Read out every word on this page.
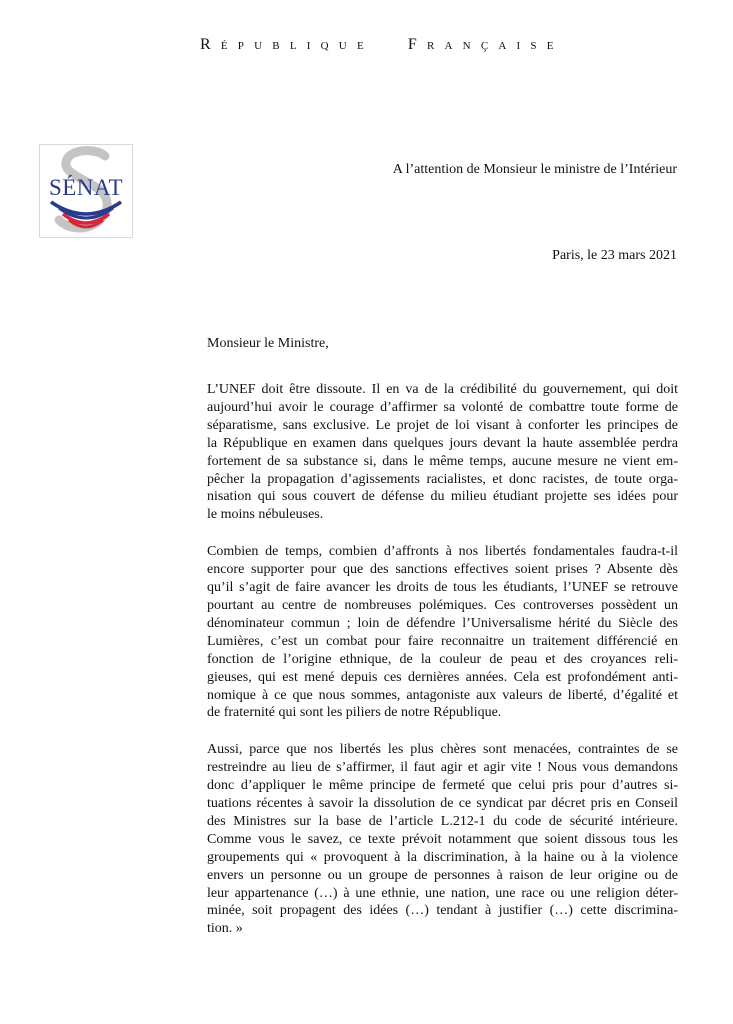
RÉPUBLIQUE FRANÇAISE
SÉNAT
A l’attention de Monsieur le ministre de l’Intérieur
Paris, le 23 mars 2021
Monsieur le Ministre,

L’UNEF doit être dissoute. Il en va de la crédibilité du gouvernement, qui doit
aujourd’hui avoir le courage d’affirmer sa volonté de combattre toute forme de
séparatisme, sans exclusive. Le projet de loi visant à conforter les principes de
la République en examen dans quelques jours devant la haute assemblée perdra
fortement de sa substance si, dans le même temps, aucune mesure ne vient em-
pêcher la propagation d’agissements racialistes, et donc racistes, de toute orga-
nisation qui sous couvert de défense du milieu étudiant projette ses idées pour
le moins nébuleuses.

Combien de temps, combien d’affronts à nos libertés fondamentales faudra-t-il
encore supporter pour que des sanctions effectives soient prises ? Absente dès
qu’il s’agit de faire avancer les droits de tous les étudiants, l’UNEF se retrouve
pourtant au centre de nombreuses polémiques. Ces controverses possèdent un
dénominateur commun ; loin de défendre l’Universalisme hérité du Siècle des
Lumières, c’est un combat pour faire reconnaitre un traitement différencié en
fonction de l’origine ethnique, de la couleur de peau et des croyances reli-
gieuses, qui est mené depuis ces dernières années. Cela est profondément anti-
nomique à ce que nous sommes, antagoniste aux valeurs de liberté, d’égalité et
de fraternité qui sont les piliers de notre République.

Aussi, parce que nos libertés les plus chères sont menacées, contraintes de se
restreindre au lieu de s’affirmer, il faut agir et agir vite ! Nous vous demandons
donc d’appliquer le même principe de fermeté que celui pris pour d’autres si-
tuations récentes à savoir la dissolution de ce syndicat par décret pris en Conseil
des Ministres sur la base de l’article L.212-1 du code de sécurité intérieure.
Comme vous le savez, ce texte prévoit notamment que soient dissous tous les
groupements qui « provoquent à la discrimination, à la haine ou à la violence
envers un personne ou un groupe de personnes à raison de leur origine ou de
leur appartenance (…) à une ethnie, une nation, une race ou une religion déter-
minée, soit propagent des idées (…) tendant à justifier (…) cette discrimina-
tion. »
